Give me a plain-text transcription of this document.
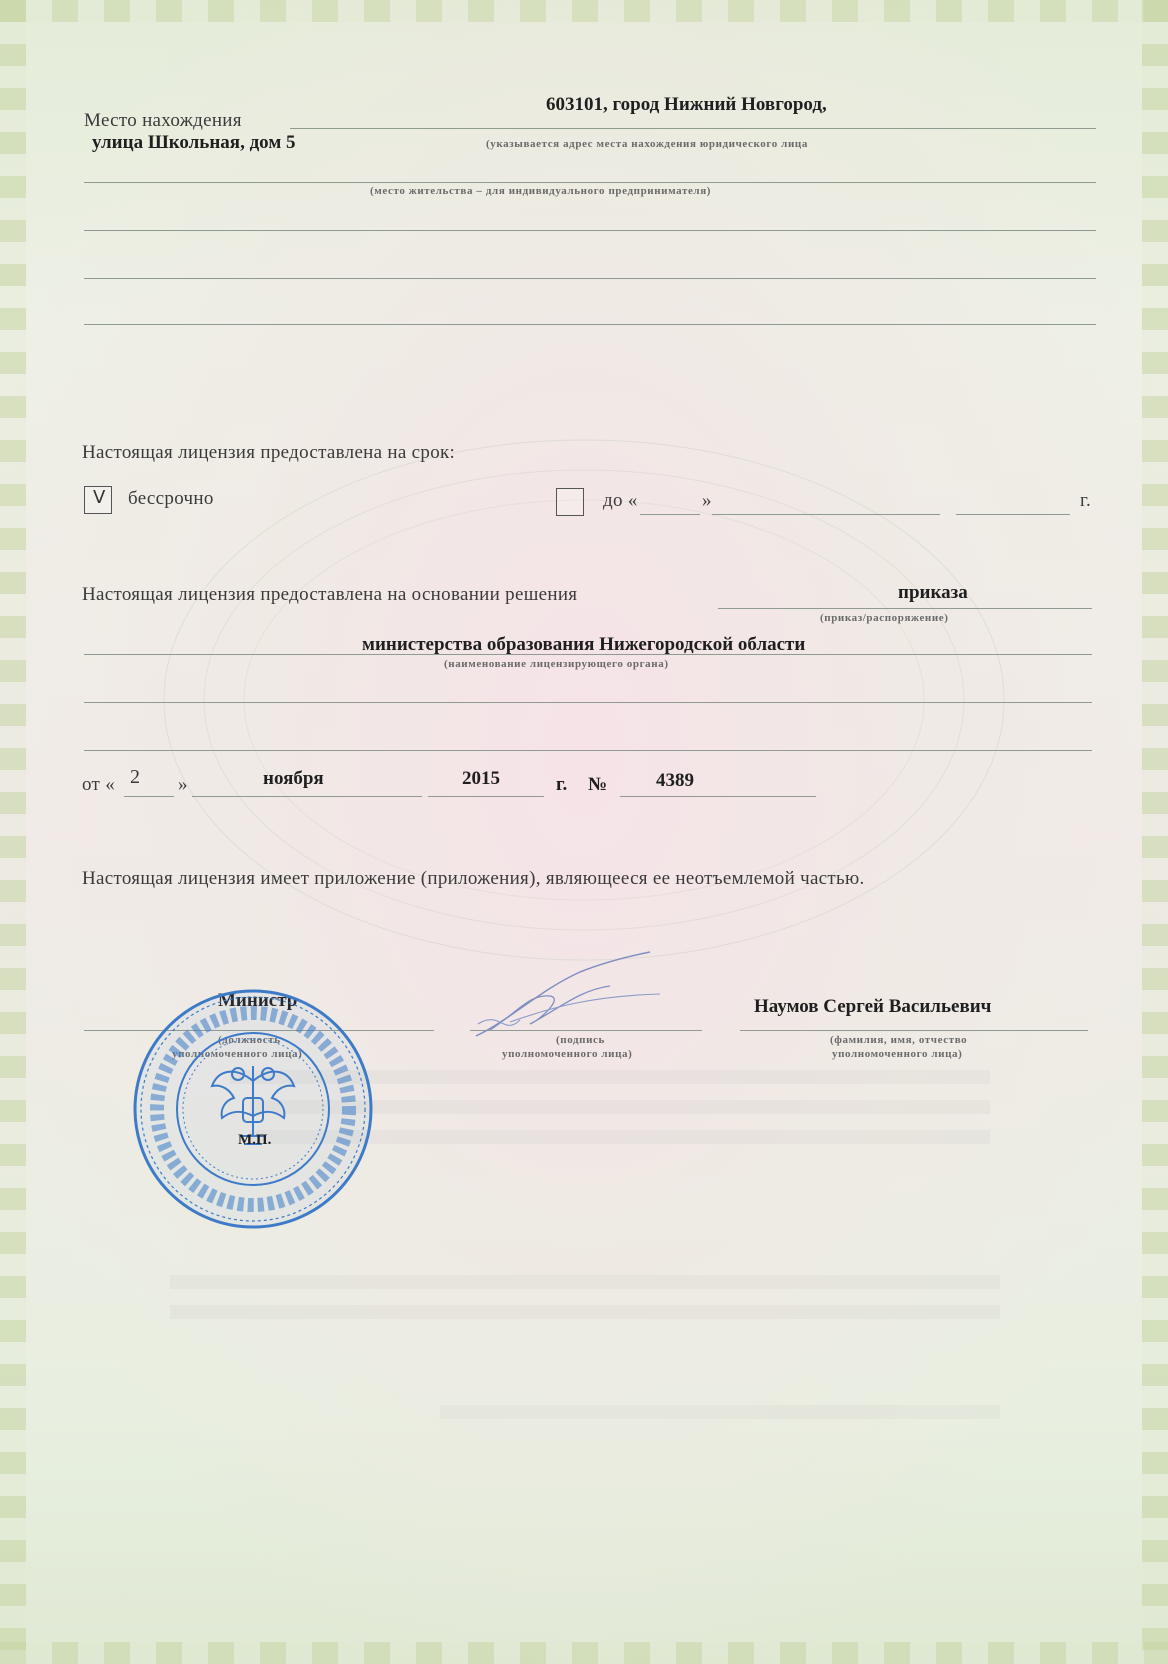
Место нахождения
603101, город Нижний Новгород,
улица Школьная, дом 5	(указывается адрес места нахождения юридического лица
(место жительства – для индивидуального предпринимателя)
Настоящая лицензия предоставлена на срок:
V бессрочно	до «	»	г.
Настоящая лицензия предоставлена на основании решения	приказа
(приказ/распоряжение)
министерства образования Нижегородской области
(наименование лицензирующего органа)
от « 2 »	ноября	2015	г. №	4389
Настоящая лицензия имеет приложение (приложения), являющееся ее неотъемлемой частью.
(подпись
уполномоченного лица)
Наумов Сергей Васильевич
(фамилия, имя, отчество
уполномоченного лица)
М.П.
